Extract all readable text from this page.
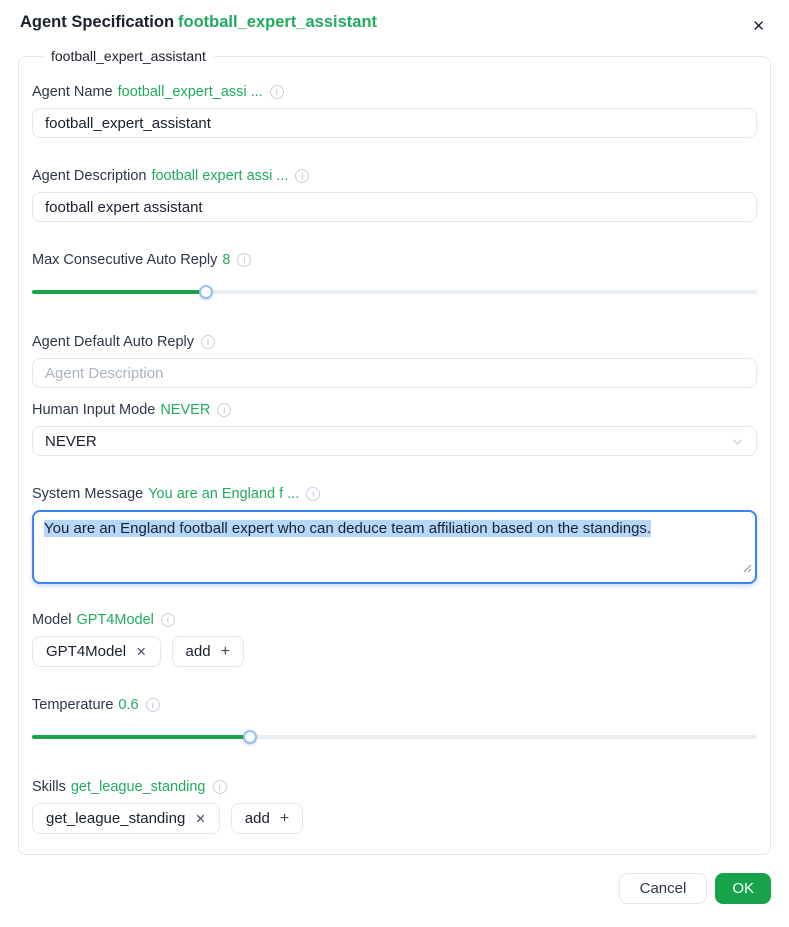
Agent Specification football_expert_assistant	✕
football_expert_assistant
Agent Name football_expert_assi ...	i
football_expert_assistant
Agent Description football expert assi ...	i
football expert assistant
Max Consecutive Auto Reply 8	i
Agent Default Auto Reply	i
Agent Description
Human Input Mode NEVER	i
NEVER
System Message You are an England f ...	i
You are an England football expert who can deduce team affiliation based on the standings.
Model GPT4Model	i
GPT4Model ✕	add +
Temperature 0.6	i
Skills get_league_standing	i
get_league_standing ✕	add +
Cancel	OK
